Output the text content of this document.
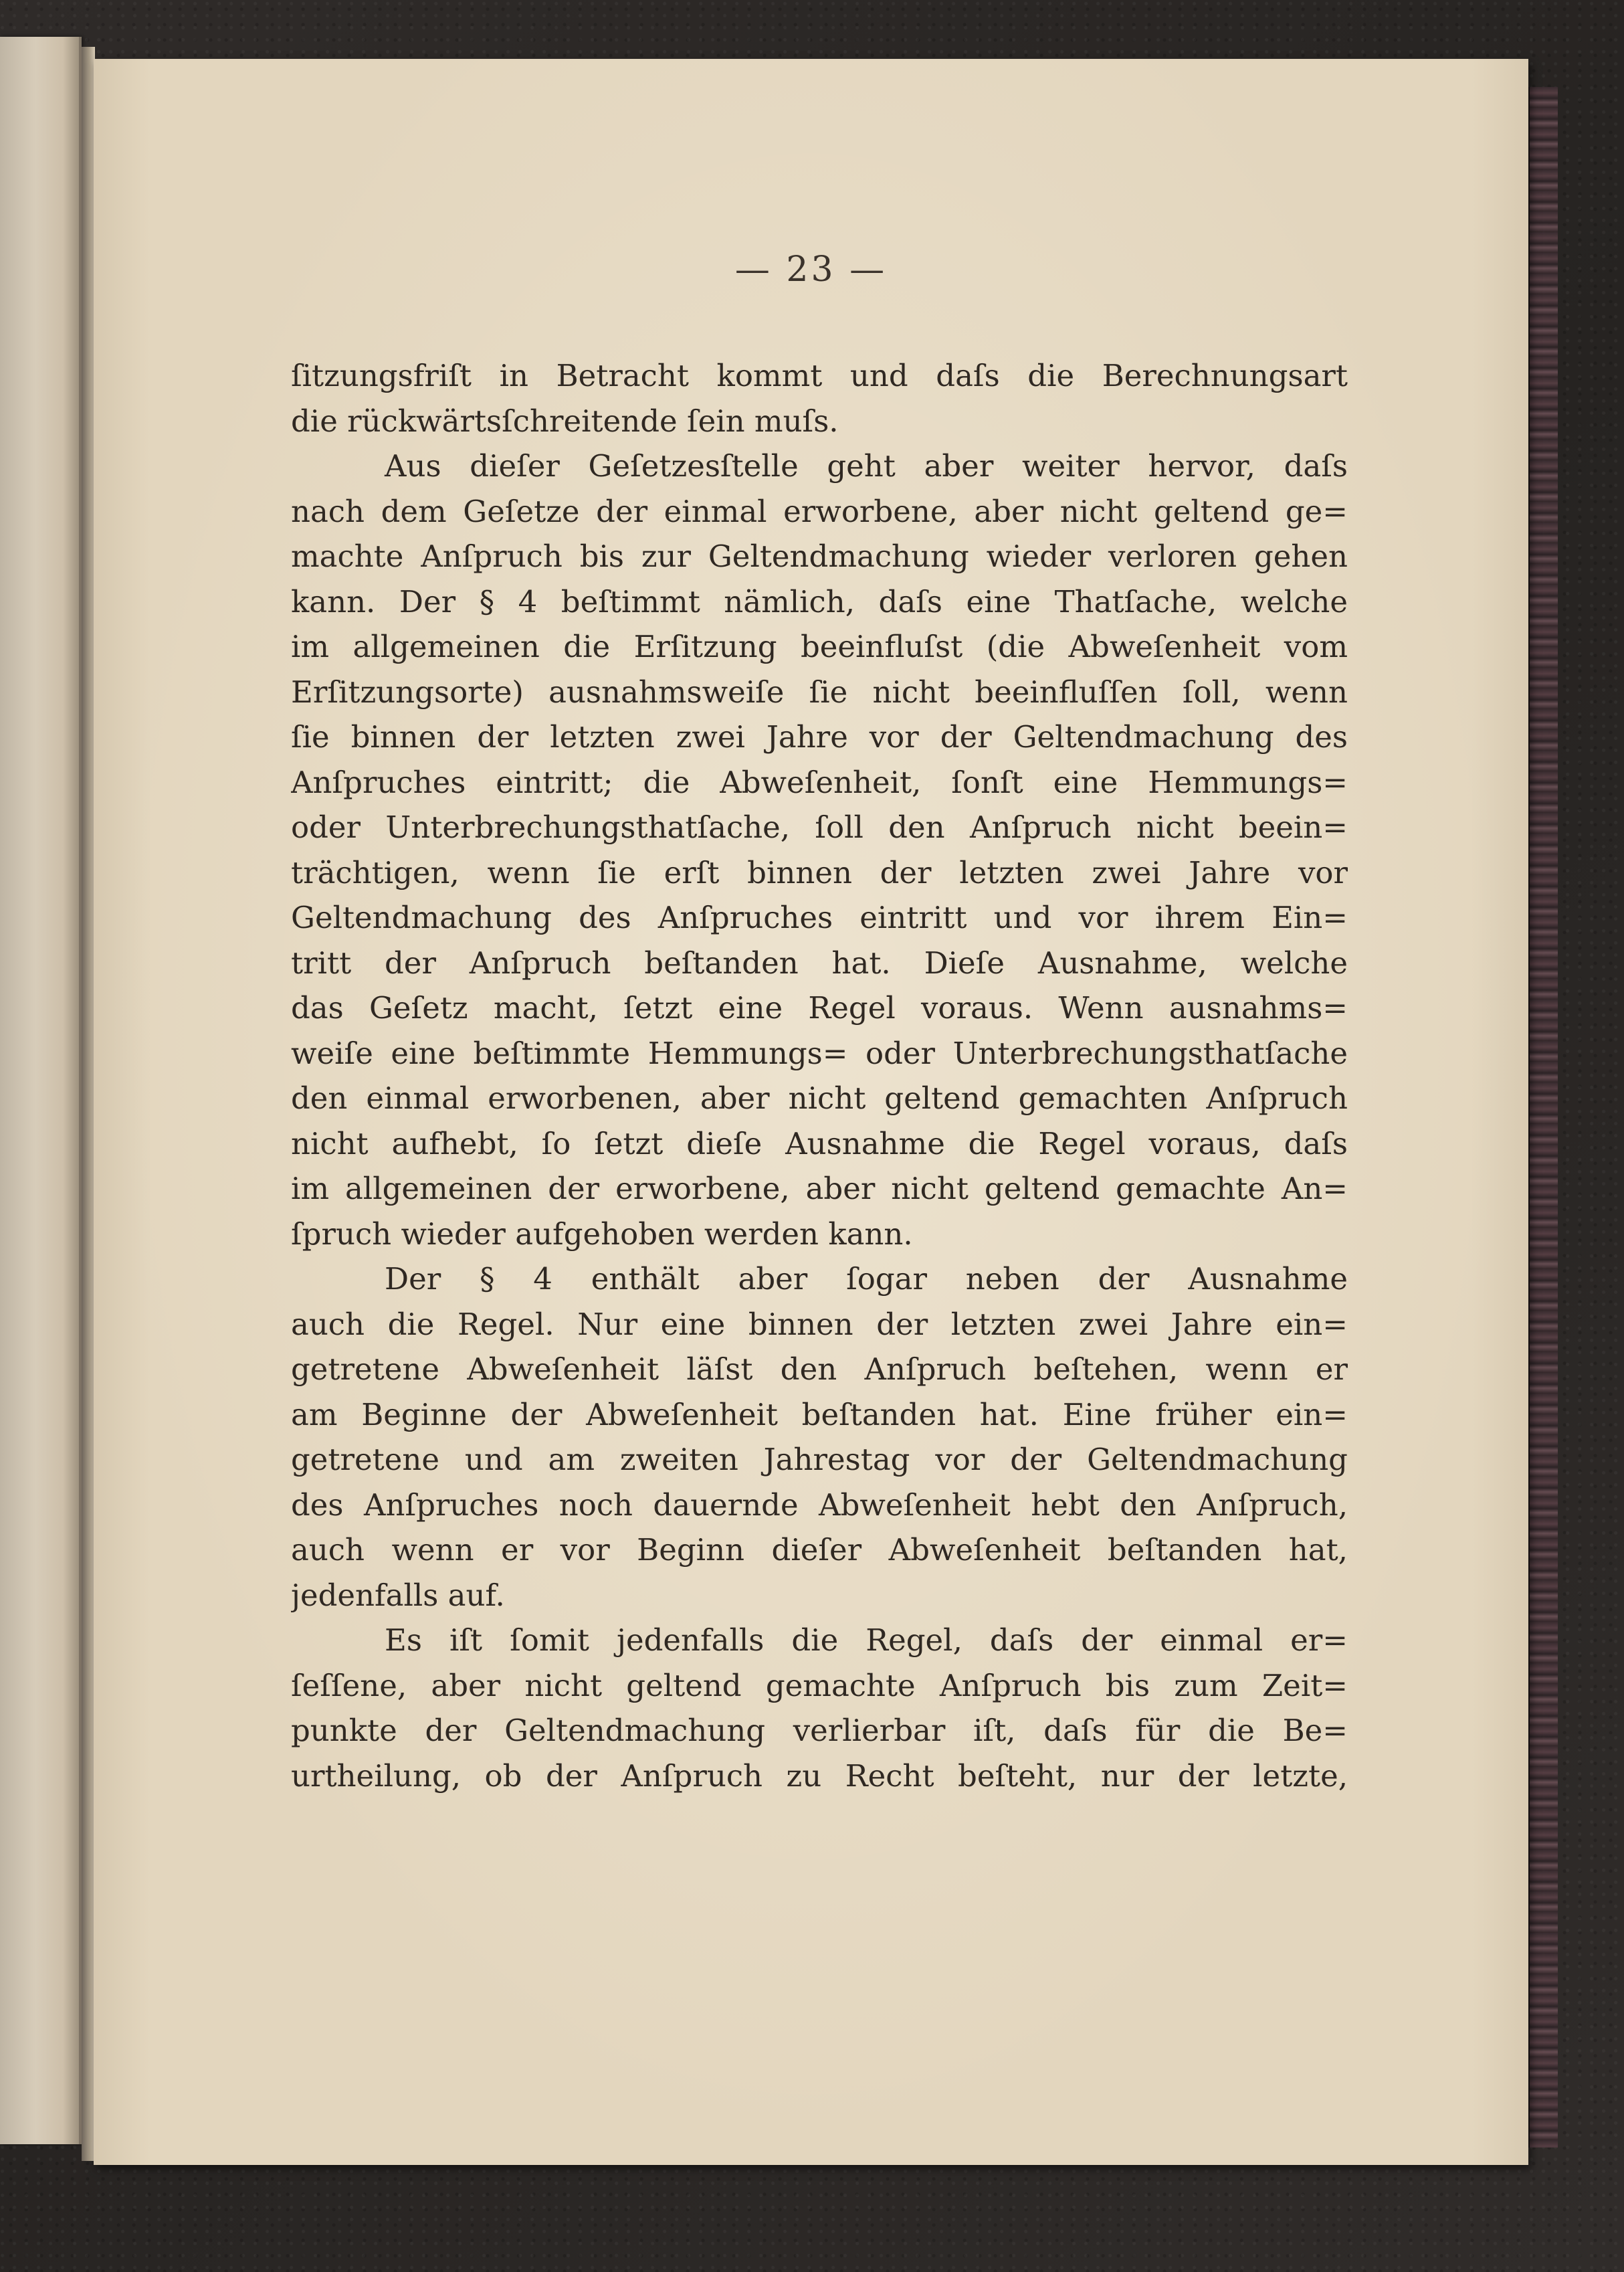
— 23 —
ſitzungsfriſt in Betracht kommt und daſs die Berechnungsart
die rückwärtsſchreitende ſein muſs.
Aus dieſer Geſetzesſtelle geht aber weiter hervor, daſs
nach dem Geſetze der einmal erworbene, aber nicht geltend ge=
machte Anſpruch bis zur Geltendmachung wieder verloren gehen
kann. Der § 4 beſtimmt nämlich, daſs eine Thatſache, welche
im allgemeinen die Erſitzung beeinfluſst (die Abweſenheit vom
Erſitzungsorte) ausnahmsweiſe ſie nicht beeinfluſſen ſoll, wenn
ſie binnen der letzten zwei Jahre vor der Geltendmachung des
Anſpruches eintritt; die Abweſenheit, ſonſt eine Hemmungs=
oder Unterbrechungsthatſache, ſoll den Anſpruch nicht beein=
trächtigen, wenn ſie erſt binnen der letzten zwei Jahre vor
Geltendmachung des Anſpruches eintritt und vor ihrem Ein=
tritt der Anſpruch beſtanden hat. Dieſe Ausnahme, welche
das Geſetz macht, ſetzt eine Regel voraus. Wenn ausnahms=
weiſe eine beſtimmte Hemmungs= oder Unterbrechungsthatſache
den einmal erworbenen, aber nicht geltend gemachten Anſpruch
nicht aufhebt, ſo ſetzt dieſe Ausnahme die Regel voraus, daſs
im allgemeinen der erworbene, aber nicht geltend gemachte An=
ſpruch wieder aufgehoben werden kann.
Der § 4 enthält aber ſogar neben der Ausnahme
auch die Regel. Nur eine binnen der letzten zwei Jahre ein=
getretene Abweſenheit läſst den Anſpruch beſtehen, wenn er
am Beginne der Abweſenheit beſtanden hat. Eine früher ein=
getretene und am zweiten Jahrestag vor der Geltendmachung
des Anſpruches noch dauernde Abweſenheit hebt den Anſpruch,
auch wenn er vor Beginn dieſer Abweſenheit beſtanden hat,
jedenfalls auf.
Es iſt ſomit jedenfalls die Regel, daſs der einmal er=
ſeſſene, aber nicht geltend gemachte Anſpruch bis zum Zeit=
punkte der Geltendmachung verlierbar iſt, daſs für die Be=
urtheilung, ob der Anſpruch zu Recht beſteht, nur der letzte,
